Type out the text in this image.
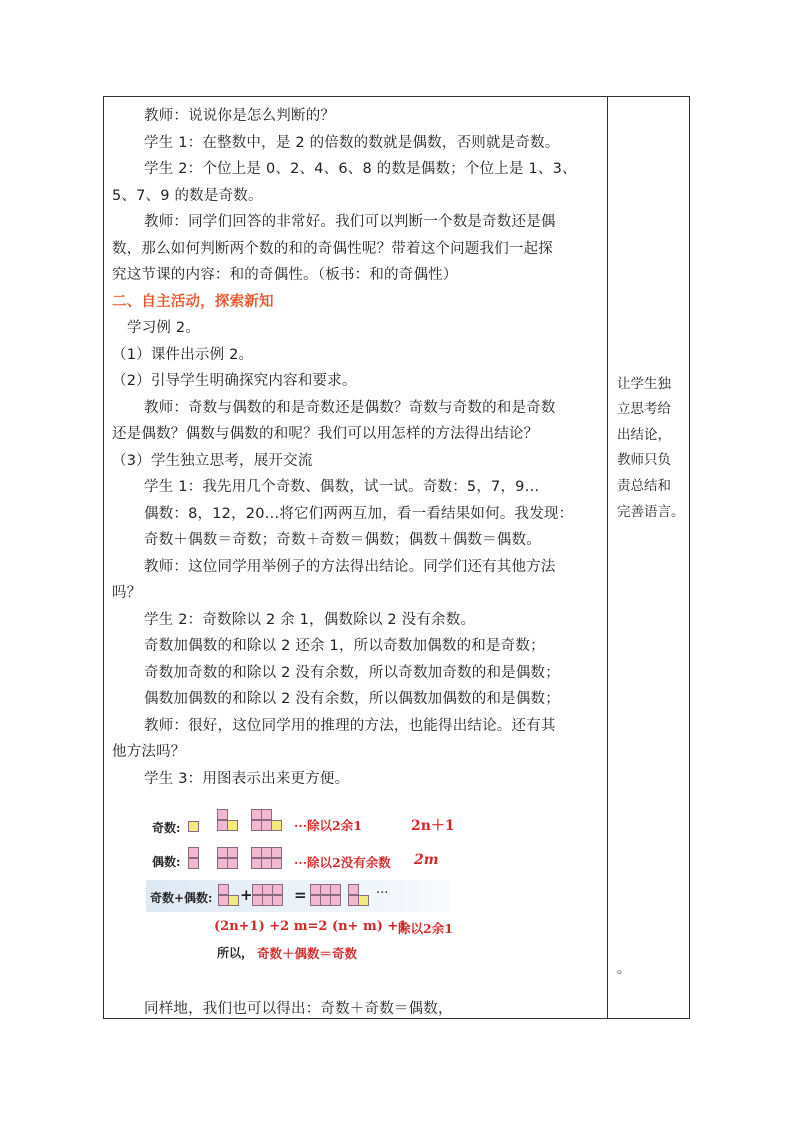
教师：说说你是怎么判断的？
学生 1：在整数中，是 2 的倍数的数就是偶数，否则就是奇数。
学生 2：个位上是 0、2、4、6、8 的数是偶数；个位上是 1、3、
5、7、9 的数是奇数。
教师：同学们回答的非常好。我们可以判断一个数是奇数还是偶
数，那么如何判断两个数的和的奇偶性呢？带着这个问题我们一起探
究这节课的内容：和的奇偶性。（板书：和的奇偶性）
二、自主活动，探索新知
学习例 2。
（1）课件出示例 2。
（2）引导学生明确探究内容和要求。
教师：奇数与偶数的和是奇数还是偶数？奇数与奇数的和是奇数
还是偶数？偶数与偶数的和呢？我们可以用怎样的方法得出结论？
（3）学生独立思考，展开交流
学生 1：我先用几个奇数、偶数，试一试。奇数：5，7，9…
偶数：8，12，20…将它们两两互加，看一看结果如何。我发现：
奇数＋偶数＝奇数；奇数＋奇数＝偶数；偶数＋偶数＝偶数。
教师：这位同学用举例子的方法得出结论。同学们还有其他方法
吗？
学生 2：奇数除以 2 余 1，偶数除以 2 没有余数。
奇数加偶数的和除以 2 还余 1，所以奇数加偶数的和是奇数；
奇数加奇数的和除以 2 没有余数，所以奇数加奇数的和是偶数；
偶数加偶数的和除以 2 没有余数，所以偶数加偶数的和是偶数；
教师：很好，这位同学用的推理的方法，也能得出结论。还有其
他方法吗？
学生 3：用图表示出来更方便。
同样地，我们也可以得出：奇数＋奇数＝偶数，
奇数:	···除以2余1	2n＋1
偶数:	···除以2没有余数 2m
奇数+偶数: +	=	···
(2n+1) +2 m=2 (n+ m) +1
除以2余1
所以， 奇数＋偶数＝奇数
让学生独
立思考给
出结论，
教师只负
责总结和
完善语言。
。
